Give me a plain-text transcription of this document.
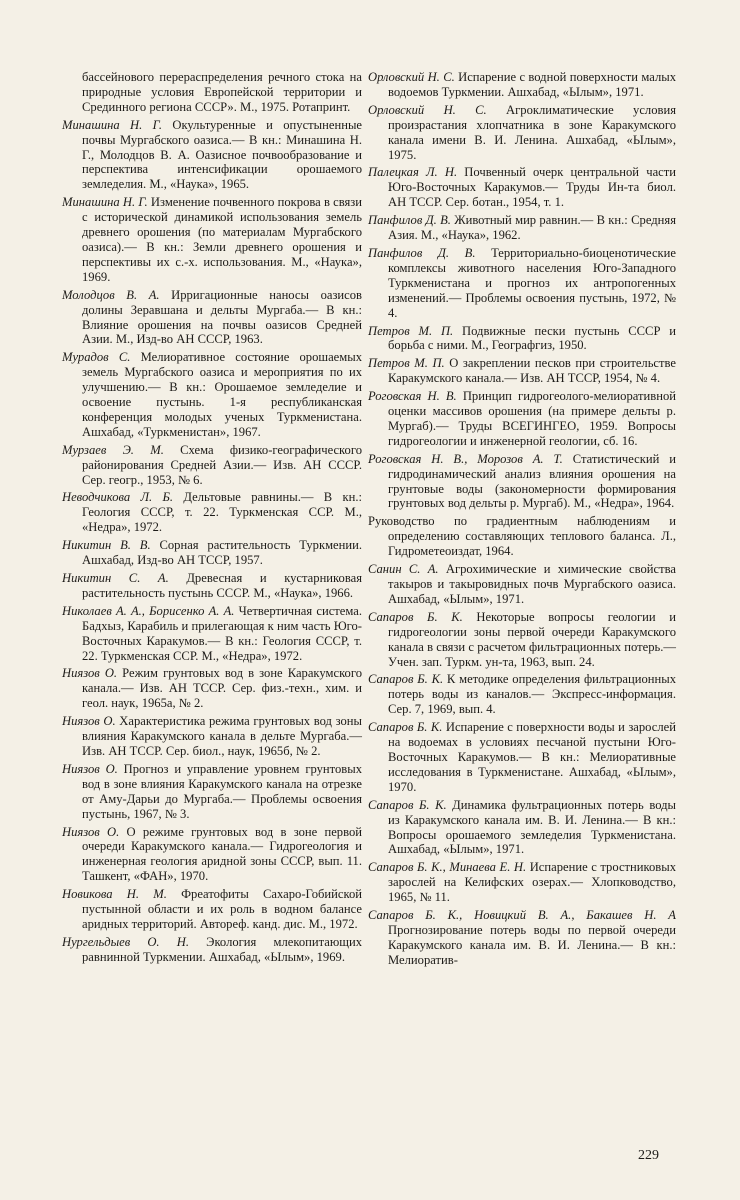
бассейнового перераспределения речного стока на природные условия Европейской территории и Срединного региона СССР». М., 1975. Ротапринт.

Минашина Н. Г. Окультуренные и опустыненные почвы Мургабского оазиса.— В кн.: Минашина Н. Г., Молодцов В. А. Оазисное почвообразование и перспектива интенсификации орошаемого земледелия. М., «Наука», 1965.

Минашина Н. Г. Изменение почвенного покрова в связи с исторической динамикой использования земель древнего орошения (по материалам Мургабского оазиса).— В кн.: Земли древнего орошения и перспективы их с.-х. использования. М., «Наука», 1969.

Молодцов В. А. Ирригационные наносы оазисов долины Зеравшана и дельты Мургаба.— В кн.: Влияние орошения на почвы оазисов Средней Азии. М., Изд-во АН СССР, 1963.

Мурадов С. Мелиоративное состояние орошаемых земель Мургабского оазиса и мероприятия по их улучшению.— В кн.: Орошаемое земледелие и освоение пустынь. 1-я республиканская конференция молодых ученых Туркменистана. Ашхабад, «Туркменистан», 1967.

Мурзаев Э. М. Схема физико-географического районирования Средней Азии.— Изв. АН СССР. Сер. геогр., 1953, № 6.

Неводчикова Л. Б. Дельтовые равнины.— В кн.: Геология СССР, т. 22. Туркменская ССР. М., «Недра», 1972.

Никитин В. В. Сорная растительность Туркмении. Ашхабад, Изд-во АН ТССР, 1957.

Никитин С. А. Древесная и кустарниковая растительность пустынь СССР. М., «Наука», 1966.

Николаев А. А., Борисенко А. А. Четвертичная система. Бадхыз, Карабиль и прилегающая к ним часть Юго-Восточных Каракумов.— В кн.: Геология СССР, т. 22. Туркменская ССР. М., «Недра», 1972.

Ниязов О. Режим грунтовых вод в зоне Каракумского канала.— Изв. АН ТССР. Сер. физ.-техн., хим. и геол. наук, 1965а, № 2.

Ниязов О. Характеристика режима грунтовых вод зоны влияния Каракумского канала в дельте Мургаба.— Изв. АН ТССР. Сер. биол., наук, 1965б, № 2.

Ниязов О. Прогноз и управление уровнем грунтовых вод в зоне влияния Каракумского канала на отрезке от Аму-Дарьи до Мургаба.— Проблемы освоения пустынь, 1967, № 3.

Ниязов О. О режиме грунтовых вод в зоне первой очереди Каракумского канала.— Гидрогеология и инженерная геология аридной зоны СССР, вып. 11. Ташкент, «ФАН», 1970.

Новикова Н. М. Фреатофиты Сахаро-Гобийской пустынной области и их роль в водном балансе аридных территорий. Автореф. канд. дис. М., 1972.

Нургельдыев О. Н. Экология млекопитающих равнинной Туркмении. Ашхабад, «Ылым», 1969.

Орловский Н. С. Испарение с водной поверхности малых водоемов Туркмении. Ашхабад, «Ылым», 1971.

Орловский Н. С. Агроклиматические условия произрастания хлопчатника в зоне Каракумского канала имени В. И. Ленина. Ашхабад, «Ылым», 1975.

Палецкая Л. Н. Почвенный очерк центральной части Юго-Восточных Каракумов.— Труды Ин-та биол. АН ТССР. Сер. ботан., 1954, т. 1.

Панфилов Д. В. Животный мир равнин.— В кн.: Средняя Азия. М., «Наука», 1962.

Панфилов Д. В. Территориально-биоценотические комплексы животного населения Юго-Западного Туркменистана и прогноз их антропогенных изменений.— Проблемы освоения пустынь, 1972, № 4.

Петров М. П. Подвижные пески пустынь СССР и борьба с ними. М., Географгиз, 1950.

Петров М. П. О закреплении песков при строительстве Каракумского канала.— Изв. АН ТССР, 1954, № 4.

Роговская Н. В. Принцип гидрогеолого-мелиоративной оценки массивов орошения (на примере дельты р. Мургаб).— Труды ВСЕГИНГЕО, 1959. Вопросы гидрогеологии и инженерной геологии, сб. 16.

Роговская Н. В., Морозов А. Т. Статистический и гидродинамический анализ влияния орошения на грунтовые воды (закономерности формирования грунтовых вод дельты р. Мургаб). М., «Недра», 1964.

Руководство по градиентным наблюдениям и определению составляющих теплового баланса. Л., Гидрометеоиздат, 1964.

Санин С. А. Агрохимические и химические свойства такыров и такыровидных почв Мургабского оазиса. Ашхабад, «Ылым», 1971.

Сапаров Б. К. Некоторые вопросы геологии и гидрогеологии зоны первой очереди Каракумского канала в связи с расчетом фильтрационных потерь.— Учен. зап. Туркм. ун-та, 1963, вып. 24.

Сапаров Б. К. К методике определения фильтрационных потерь воды из каналов.— Экспресс-информация. Сер. 7, 1969, вып. 4.

Сапаров Б. К. Испарение с поверхности воды и зарослей на водоемах в условиях песчаной пустыни Юго-Восточных Каракумов.— В кн.: Мелиоративные исследования в Туркменистане. Ашхабад, «Ылым», 1970.

Сапаров Б. К. Динамика фультрационных потерь воды из Каракумского канала им. В. И. Ленина.— В кн.: Вопросы орошаемого земледелия Туркменистана. Ашхабад, «Ылым», 1971.

Сапаров Б. К., Минаева Е. Н. Испарение с тростниковых зарослей на Келифских озерах.— Хлопководство, 1965, № 11.

Сапаров Б. К., Новицкий В. А., Бакашев Н. А Прогнозирование потерь воды по первой очереди Каракумского канала им. В. И. Ленина.— В кн.: Мелиоратив-

229
